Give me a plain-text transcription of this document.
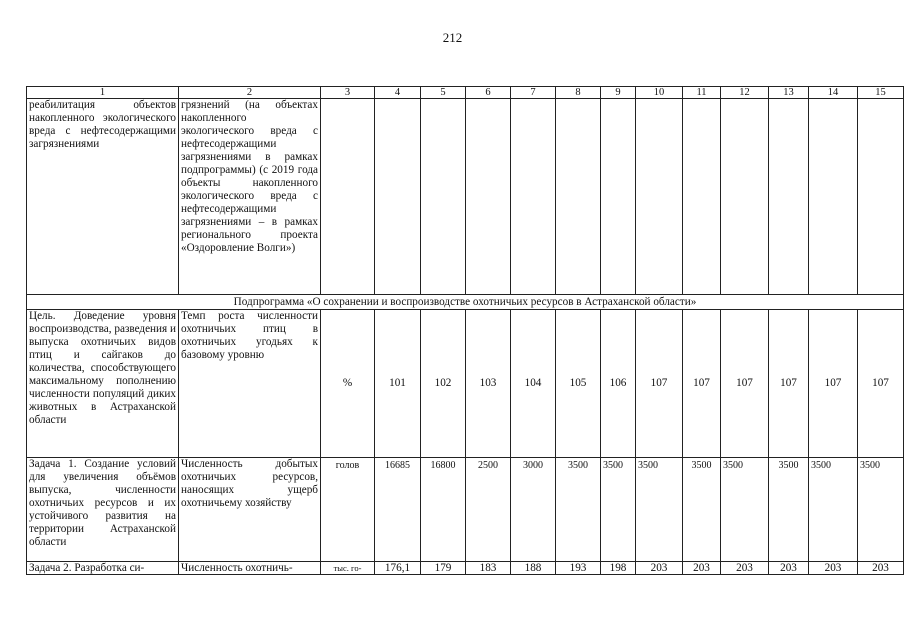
212
1	2	3	4	5	6	7	8	9	10	11	12	13	14	15
реабилитация объектов накопленного экологического вреда с нефтесодержащими загрязнениями	грязнений (на объектах накопленного экологического вреда с нефтесодержащими загрязнениями в рамках подпрограммы) (с 2019 года объекты накопленного экологического вреда с нефтесодержащими загрязнениями – в рамках регионального проекта «Оздоровление Волги»)													
Подпрограмма «О сохранении и воспроизводстве охотничьих ресурсов в Астраханской области»														
Цель. Доведение уровня воспроизводства, разведения и выпуска охотничьих видов птиц и сайгаков до количества, способствующего максимальному пополнению численности популяций диких животных в Астраханской области	Темп роста численности охотничьих птиц в охотничьих угодьях к базовому уровню	%	101	102	103	104	105	106	107	107	107	107	107	107
Задача 1. Создание условий для увеличения объёмов выпуска, численности охотничьих ресурсов и их устойчивого развития на территории Астраханской области	Численность добытых охотничьих ресурсов, наносящих ущерб охотничьему хозяйству	голов	16685	16800	2500	3000	3500	3500	3500	3500	3500	3500	3500	3500
Задача 2. Разработка си-	Численность охотничь-	тыс. го-	176,1	179	183	188	193	198	203	203	203	203	203	203
